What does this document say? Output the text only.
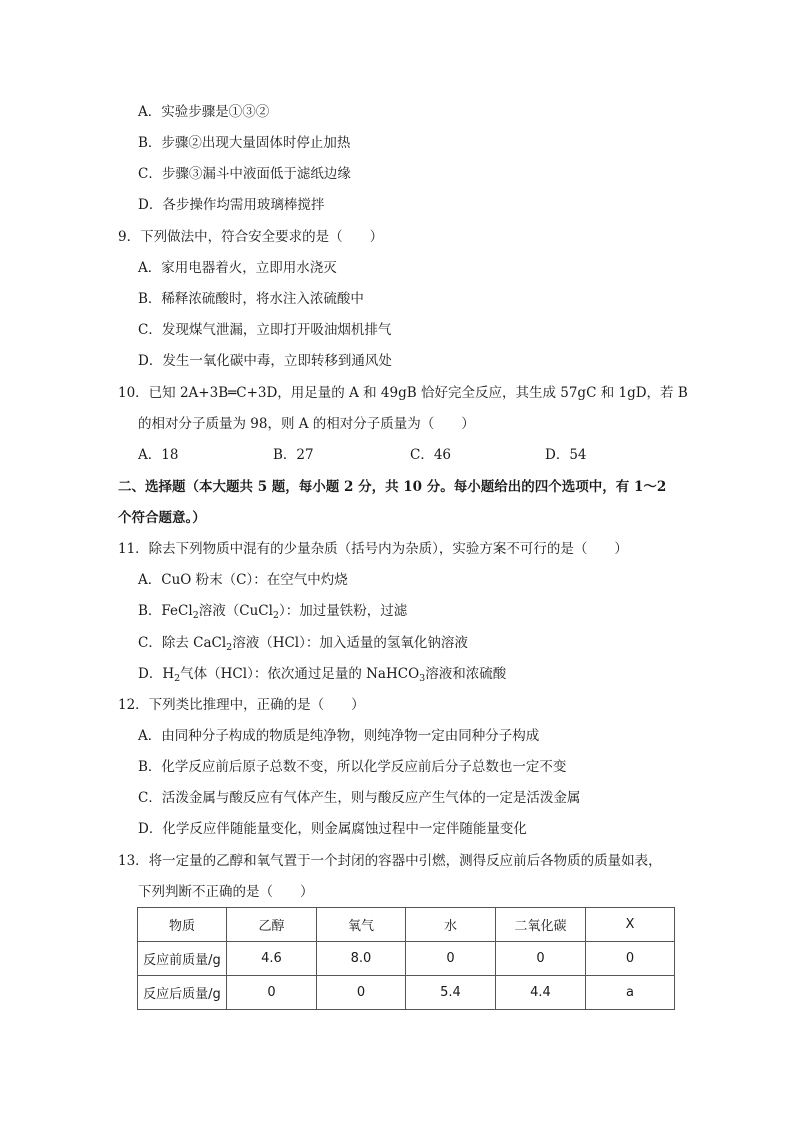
A．实验步骤是①③②
B．步骤②出现大量固体时停止加热
C．步骤③漏斗中液面低于滤纸边缘
D．各步操作均需用玻璃棒搅拌
9．下列做法中，符合安全要求的是（　　）
A．家用电器着火，立即用水浇灭
B．稀释浓硫酸时，将水注入浓硫酸中
C．发现煤气泄漏，立即打开吸油烟机排气
D．发生一氧化碳中毒，立即转移到通风处
10．已知 2A+3B═C+3D，用足量的 A 和 49gB 恰好完全反应，其生成 57gC 和 1gD，若 B
的相对分子质量为 98，则 A 的相对分子质量为（　　）
A．18	B．27	C．46	D．54
二、选择题（本大题共 5 题，每小题 2 分，共 10 分。每小题给出的四个选项中，有 1～2
个符合题意。）
11．除去下列物质中混有的少量杂质（括号内为杂质），实验方案不可行的是（　　）
A．CuO 粉末（C）：在空气中灼烧
B．FeCl$_2$溶液（CuCl$_2$）：加过量铁粉，过滤
C．除去 CaCl$_2$溶液（HCl）：加入适量的氢氧化钠溶液
D．$H_2$气体（HCl）：依次通过足量的 NaHCO$_3$溶液和浓硫酸
12．下列类比推理中，正确的是（　　）
A．由同种分子构成的物质是纯净物，则纯净物一定由同种分子构成
B．化学反应前后原子总数不变，所以化学反应前后分子总数也一定不变
C．活泼金属与酸反应有气体产生，则与酸反应产生气体的一定是活泼金属
D．化学反应伴随能量变化，则金属腐蚀过程中一定伴随能量变化
13．将一定量的乙醇和氧气置于一个封闭的容器中引燃，测得反应前后各物质的质量如表，
下列判断不正确的是（　　）
物质	乙醇	氧气	水	二氧化碳	X
反应前质量/g	4.6	8.0	0	0	0
反应后质量/g	0	0	5.4	4.4	a
